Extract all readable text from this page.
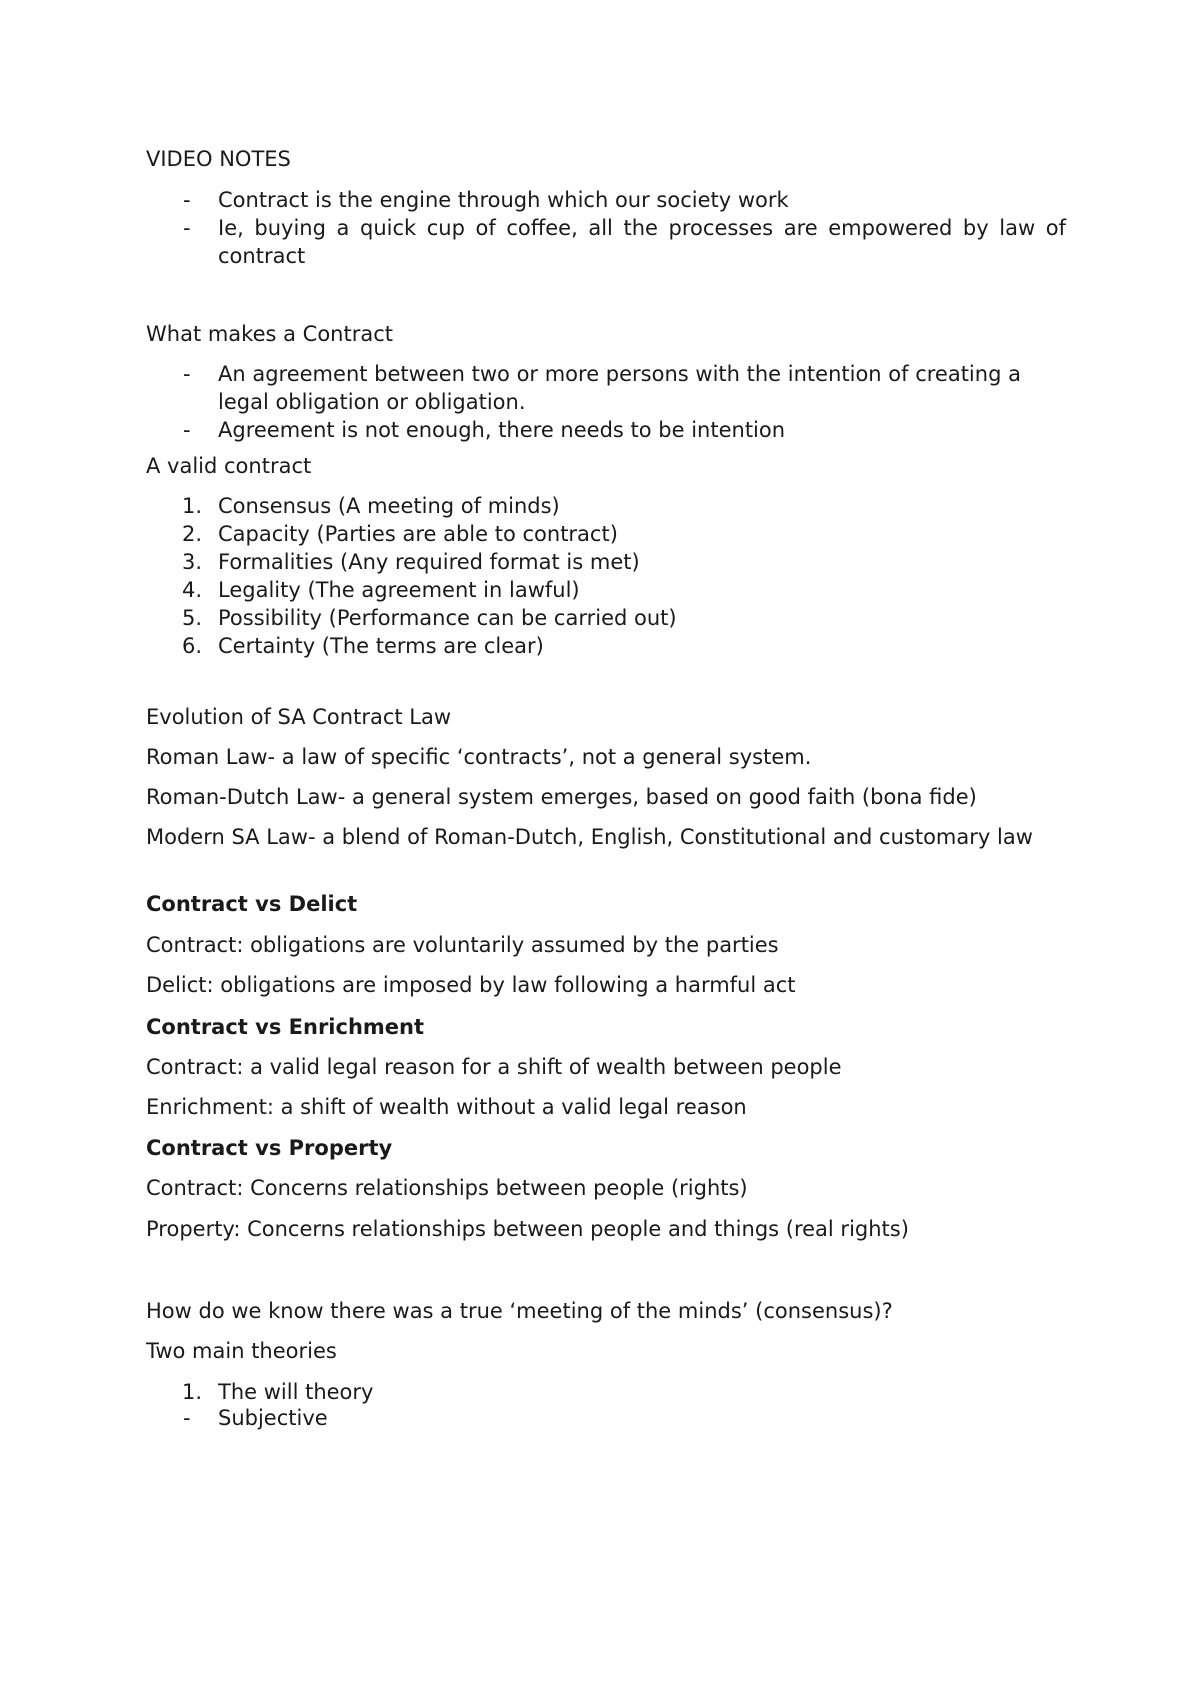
VIDEO NOTES

- Contract is the engine through which our society work
- Ie, buying a quick cup of coffee, all the processes are empowered by law of contract

What makes a Contract

- An agreement between two or more persons with the intention of creating a legal obligation or obligation.
- Agreement is not enough, there needs to be intention

A valid contract

1. Consensus (A meeting of minds)
2. Capacity (Parties are able to contract)
3. Formalities (Any required format is met)
4. Legality (The agreement in lawful)
5. Possibility (Performance can be carried out)
6. Certainty (The terms are clear)

Evolution of SA Contract Law

Roman Law- a law of specific ‘contracts’, not a general system.

Roman-Dutch Law- a general system emerges, based on good faith (bona fide)

Modern SA Law- a blend of Roman-Dutch, English, Constitutional and customary law

Contract vs Delict

Contract: obligations are voluntarily assumed by the parties

Delict: obligations are imposed by law following a harmful act

Contract vs Enrichment

Contract: a valid legal reason for a shift of wealth between people

Enrichment: a shift of wealth without a valid legal reason

Contract vs Property

Contract: Concerns relationships between people (rights)

Property: Concerns relationships between people and things (real rights)

How do we know there was a true ‘meeting of the minds’ (consensus)?

Two main theories

1. The will theory
- Subjective
